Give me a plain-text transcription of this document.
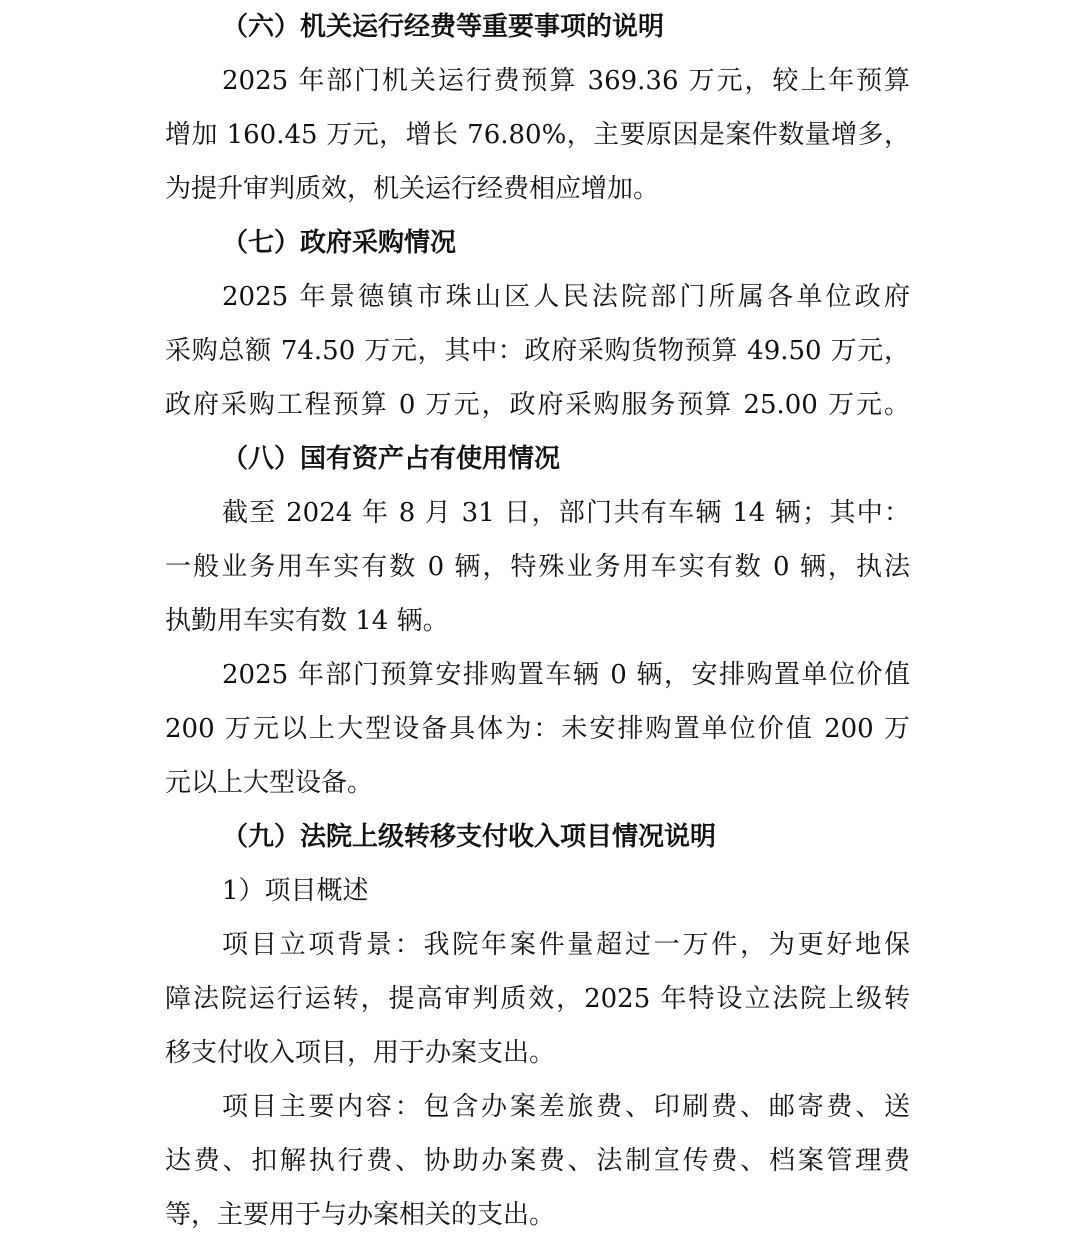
（六）机关运行经费等重要事项的说明
2025 年部门机关运行费预算 369.36 万元，较上年预算
增加 160.45 万元，增长 76.80%，主要原因是案件数量增多，
为提升审判质效，机关运行经费相应增加。
（七）政府采购情况
2025 年景德镇市珠山区人民法院部门所属各单位政府
采购总额 74.50 万元，其中：政府采购货物预算 49.50 万元，
政府采购工程预算 0 万元，政府采购服务预算 25.00 万元。
（八）国有资产占有使用情况
截至 2024 年 8 月 31 日，部门共有车辆 14 辆；其中：
一般业务用车实有数 0 辆，特殊业务用车实有数 0 辆，执法
执勤用车实有数 14 辆。
2025 年部门预算安排购置车辆 0 辆，安排购置单位价值
200 万元以上大型设备具体为：未安排购置单位价值 200 万
元以上大型设备。
（九）法院上级转移支付收入项目情况说明
1）项目概述
项目立项背景：我院年案件量超过一万件，为更好地保
障法院运行运转，提高审判质效，2025 年特设立法院上级转
移支付收入项目，用于办案支出。
项目主要内容：包含办案差旅费、印刷费、邮寄费、送
达费、扣解执行费、协助办案费、法制宣传费、档案管理费
等，主要用于与办案相关的支出。
